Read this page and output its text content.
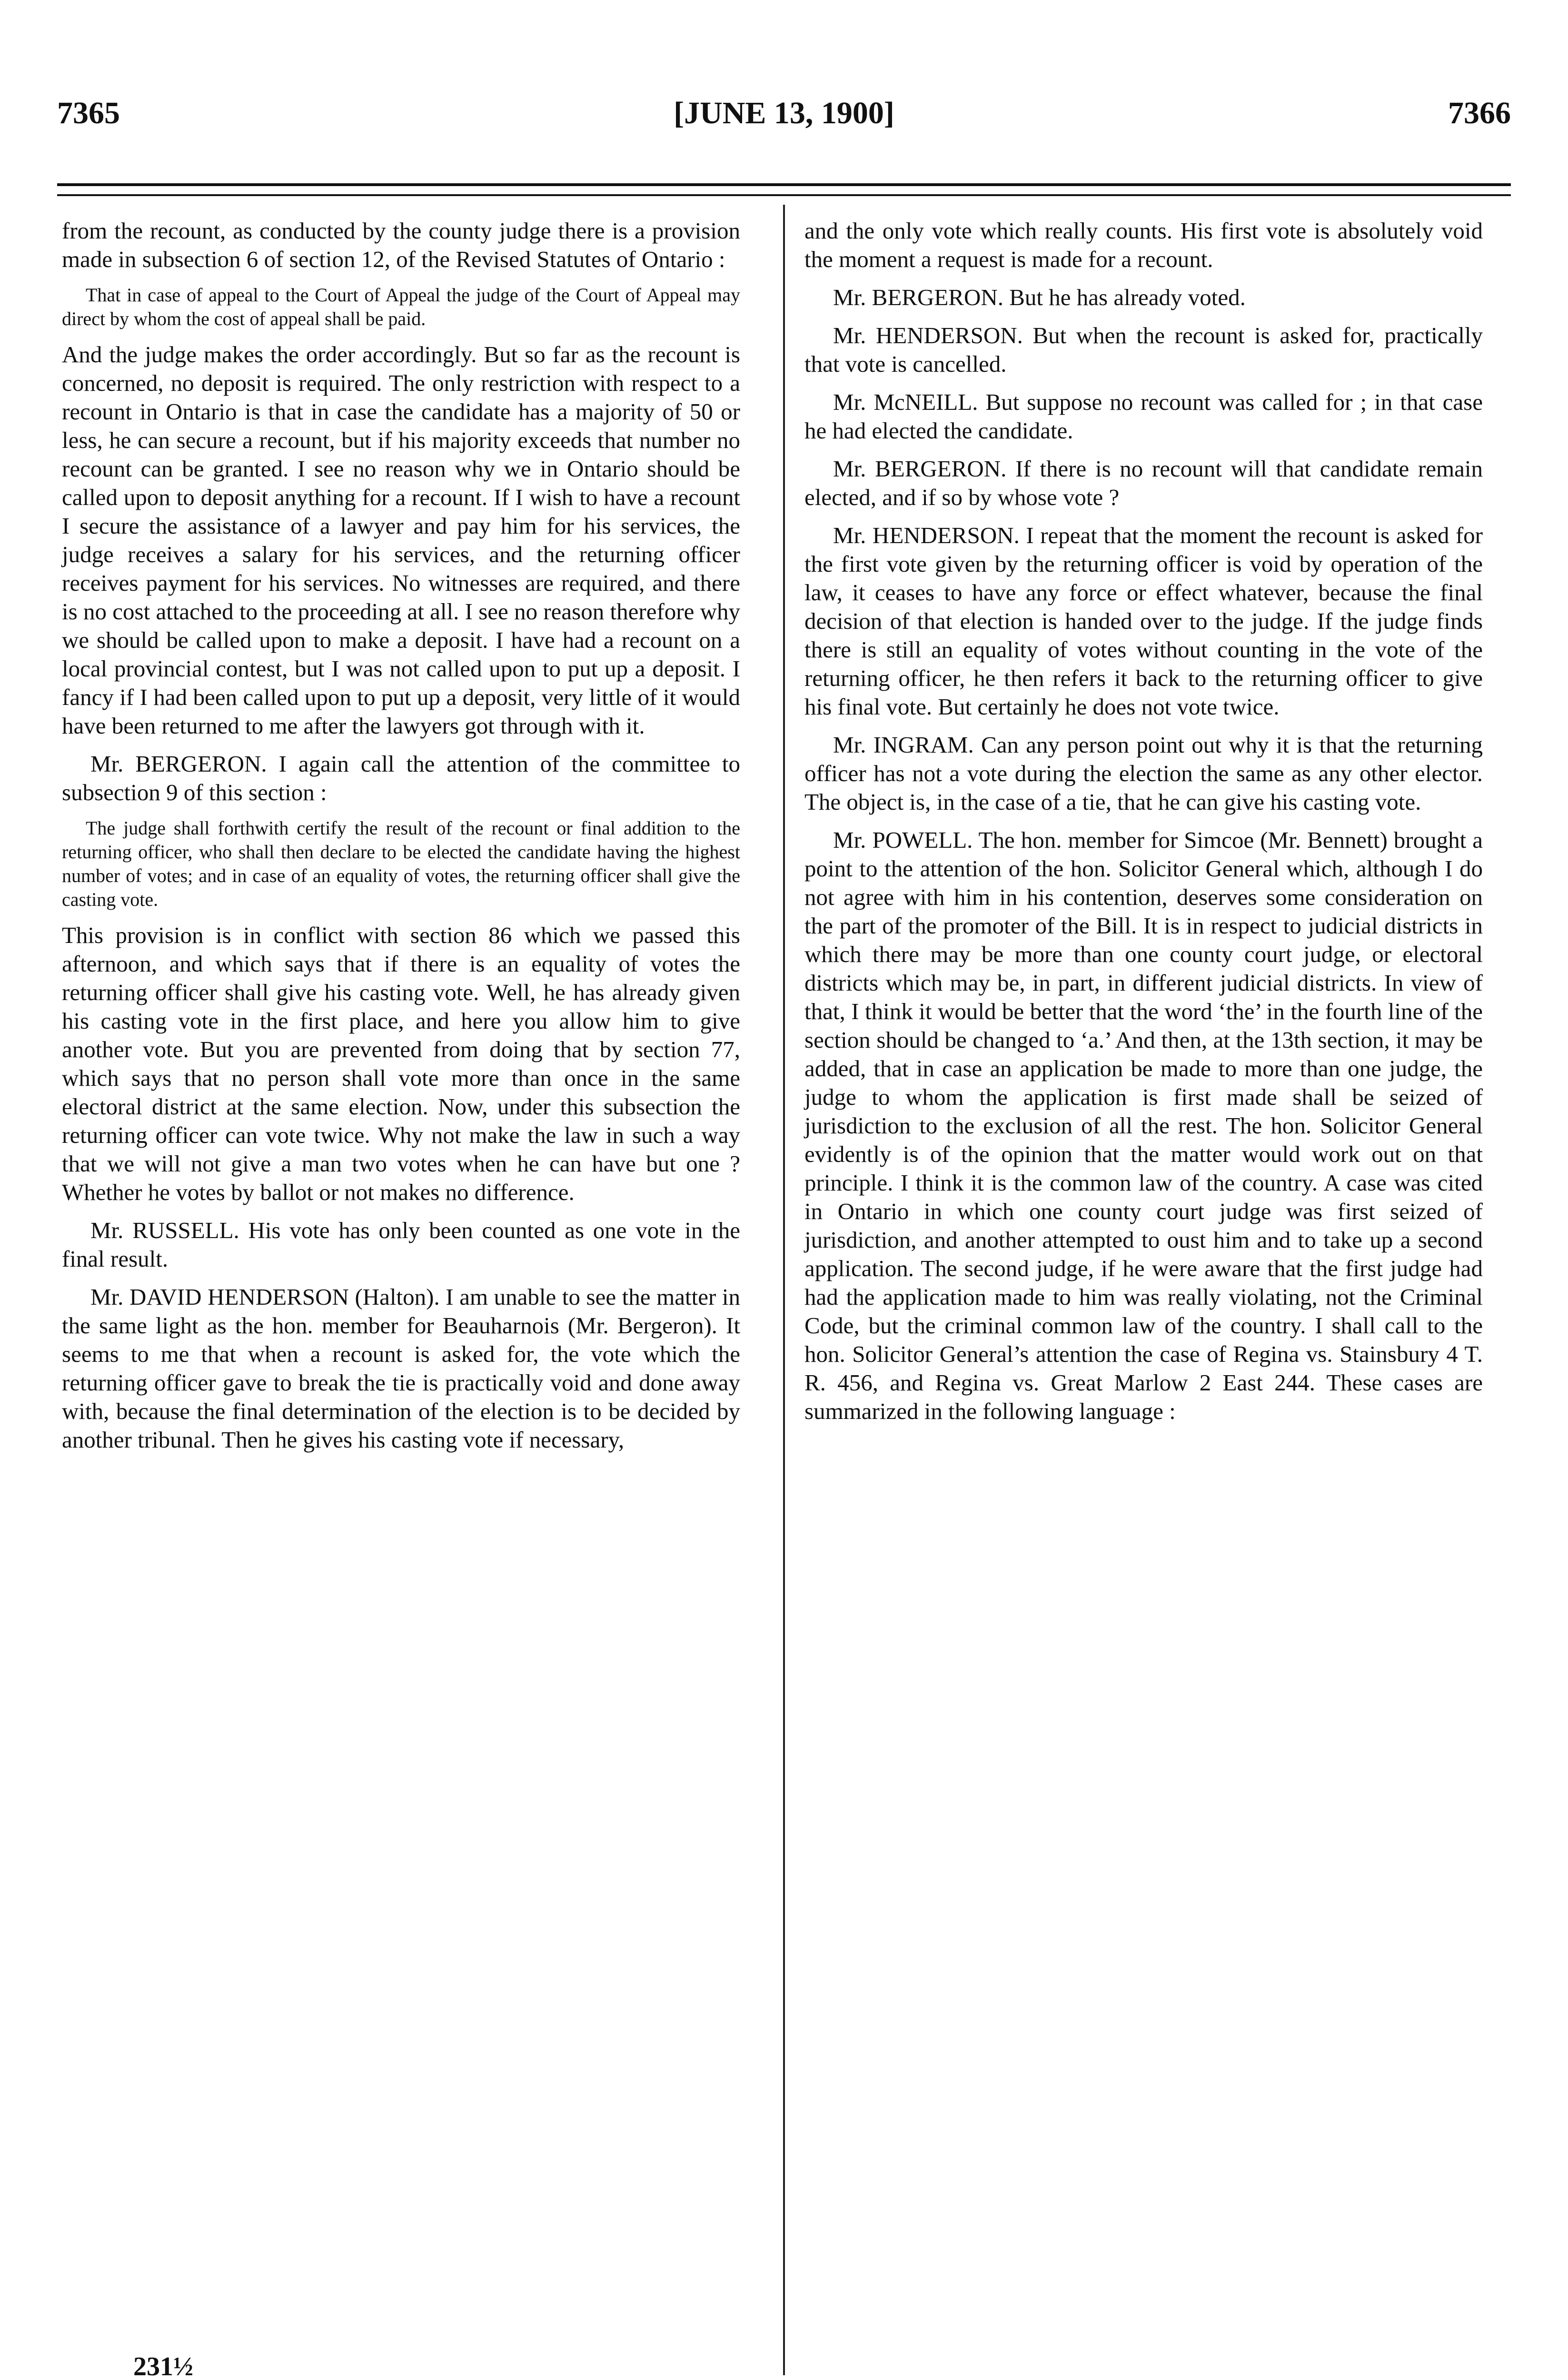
7365	[JUNE 13, 1900]	7366

from the recount, as conducted by the county judge there is a provision made in subsection 6 of section 12, of the Revised Statutes of Ontario :

That in case of appeal to the Court of Appeal the judge of the Court of Appeal may direct by whom the cost of appeal shall be paid.

And the judge makes the order accordingly. But so far as the recount is concerned, no deposit is required. The only restriction with respect to a recount in Ontario is that in case the candidate has a majority of 50 or less, he can secure a recount, but if his majority exceeds that number no recount can be granted. I see no reason why we in Ontario should be called upon to deposit anything for a recount. If I wish to have a recount I secure the assistance of a lawyer and pay him for his services, the judge receives a salary for his services, and the returning officer receives payment for his services. No witnesses are required, and there is no cost attached to the proceeding at all. I see no reason therefore why we should be called upon to make a deposit. I have had a recount on a local provincial contest, but I was not called upon to put up a deposit. I fancy if I had been called upon to put up a deposit, very little of it would have been returned to me after the lawyers got through with it.

Mr. BERGERON. I again call the attention of the committee to subsection 9 of this section :

The judge shall forthwith certify the result of the recount or final addition to the returning officer, who shall then declare to be elected the candidate having the highest number of votes; and in case of an equality of votes, the returning officer shall give the casting vote.

This provision is in conflict with section 86 which we passed this afternoon, and which says that if there is an equality of votes the returning officer shall give his casting vote. Well, he has already given his casting vote in the first place, and here you allow him to give another vote. But you are prevented from doing that by section 77, which says that no person shall vote more than once in the same electoral district at the same election. Now, under this subsection the returning officer can vote twice. Why not make the law in such a way that we will not give a man two votes when he can have but one ? Whether he votes by ballot or not makes no difference.

Mr. RUSSELL. His vote has only been counted as one vote in the final result.

Mr. DAVID HENDERSON (Halton). I am unable to see the matter in the same light as the hon. member for Beauharnois (Mr. Bergeron). It seems to me that when a recount is asked for, the vote which the returning officer gave to break the tie is practically void and done away with, because the final determination of the election is to be decided by another tribunal. Then he gives his casting vote if necessary,

and the only vote which really counts. His first vote is absolutely void the moment a request is made for a recount.

Mr. BERGERON. But he has already voted.

Mr. HENDERSON. But when the recount is asked for, practically that vote is cancelled.

Mr. McNEILL. But suppose no recount was called for ; in that case he had elected the candidate.

Mr. BERGERON. If there is no recount will that candidate remain elected, and if so by whose vote ?

Mr. HENDERSON. I repeat that the moment the recount is asked for the first vote given by the returning officer is void by operation of the law, it ceases to have any force or effect whatever, because the final decision of that election is handed over to the judge. If the judge finds there is still an equality of votes without counting in the vote of the returning officer, he then refers it back to the returning officer to give his final vote. But certainly he does not vote twice.

Mr. INGRAM. Can any person point out why it is that the returning officer has not a vote during the election the same as any other elector. The object is, in the case of a tie, that he can give his casting vote.

Mr. POWELL. The hon. member for Simcoe (Mr. Bennett) brought a point to the attention of the hon. Solicitor General which, although I do not agree with him in his contention, deserves some consideration on the part of the promoter of the Bill. It is in respect to judicial districts in which there may be more than one county court judge, or electoral districts which may be, in part, in different judicial districts. In view of that, I think it would be better that the word ‘the’ in the fourth line of the section should be changed to ‘a.’ And then, at the 13th section, it may be added, that in case an application be made to more than one judge, the judge to whom the application is first made shall be seized of jurisdiction to the exclusion of all the rest. The hon. Solicitor General evidently is of the opinion that the matter would work out on that principle. I think it is the common law of the country. A case was cited in Ontario in which one county court judge was first seized of jurisdiction, and another attempted to oust him and to take up a second application. The second judge, if he were aware that the first judge had had the application made to him was really violating, not the Criminal Code, but the criminal common law of the country. I shall call to the hon. Solicitor General’s attention the case of Regina vs. Stainsbury 4 T. R. 456, and Regina vs. Great Marlow 2 East 244. These cases are summarized in the following language :

231½
